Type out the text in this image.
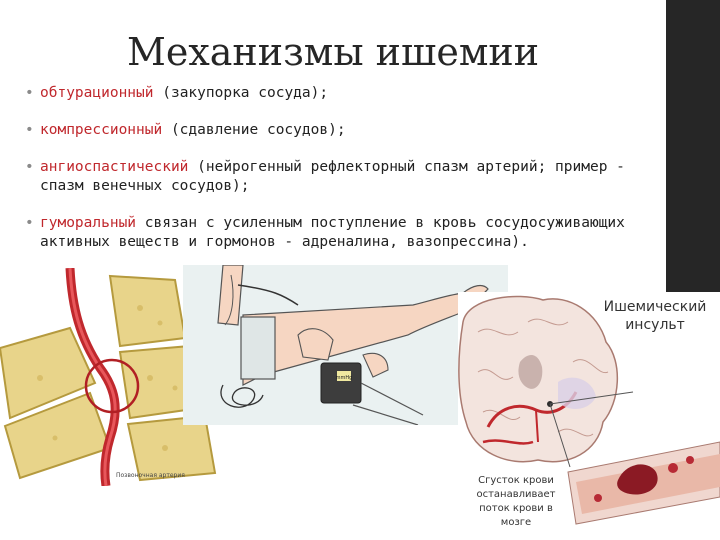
Механизмы ишемии
• обтурационный (закупорка сосуда);
• компрессионный (сдавление сосудов);
• ангиоспастический (нейрогенный рефлекторный спазм артерий; пример - спазм венечных сосудов);
• гуморальный связан с усиленным поступление в кровь сосудосуживающих активных веществ и гормонов - адреналина, вазопрессина).
Позвоночная артерия
mmHg
Ишемический инсульт
Сгусток крови останавливает поток крови в мозге
